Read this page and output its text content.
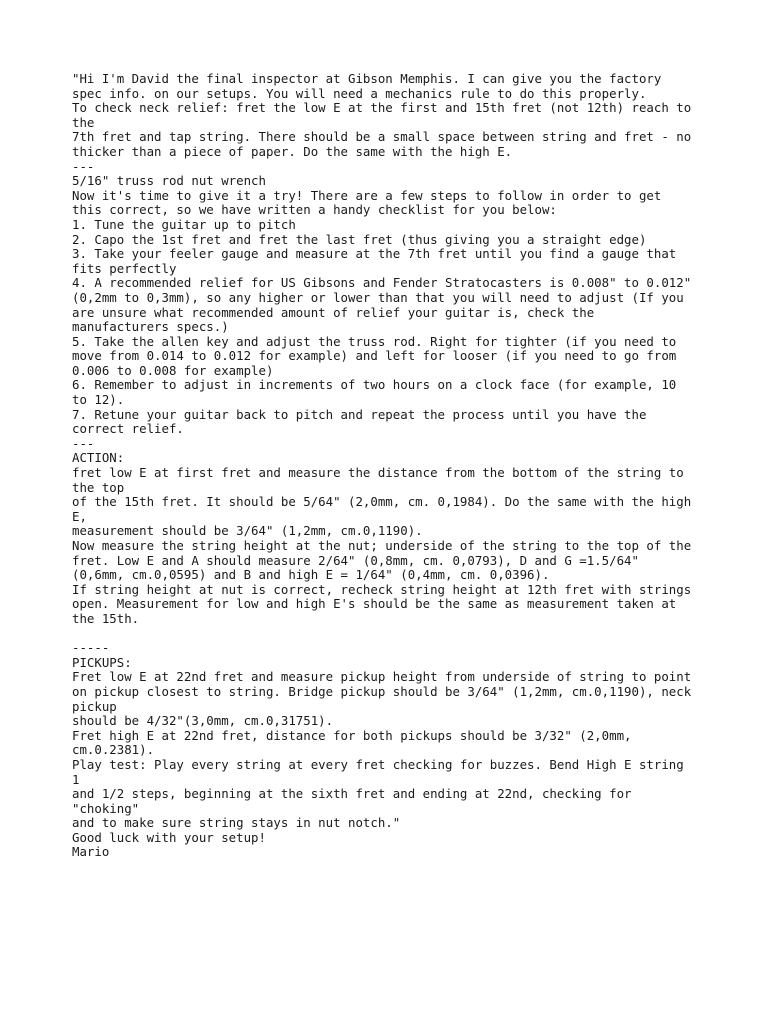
"Hi I'm David the final inspector at Gibson Memphis. I can give you the factory
spec info. on our setups. You will need a mechanics rule to do this properly.
To check neck relief: fret the low E at the first and 15th fret (not 12th) reach to
the
7th fret and tap string. There should be a small space between string and fret - no
thicker than a piece of paper. Do the same with the high E.
---
5/16" truss rod nut wrench
Now it's time to give it a try! There are a few steps to follow in order to get
this correct, so we have written a handy checklist for you below:
1. Tune the guitar up to pitch
2. Capo the 1st fret and fret the last fret (thus giving you a straight edge)
3. Take your feeler gauge and measure at the 7th fret until you find a gauge that
fits perfectly
4. A recommended relief for US Gibsons and Fender Stratocasters is 0.008" to 0.012"
(0,2mm to 0,3mm), so any higher or lower than that you will need to adjust (If you
are unsure what recommended amount of relief your guitar is, check the
manufacturers specs.)
5. Take the allen key and adjust the truss rod. Right for tighter (if you need to
move from 0.014 to 0.012 for example) and left for looser (if you need to go from
0.006 to 0.008 for example)
6. Remember to adjust in increments of two hours on a clock face (for example, 10
to 12).
7. Retune your guitar back to pitch and repeat the process until you have the
correct relief.
---
ACTION:
fret low E at first fret and measure the distance from the bottom of the string to
the top
of the 15th fret. It should be 5/64" (2,0mm, cm. 0,1984). Do the same with the high
E,
measurement should be 3/64" (1,2mm, cm.0,1190).
Now measure the string height at the nut; underside of the string to the top of the
fret. Low E and A should measure 2/64" (0,8mm, cm. 0,0793), D and G =1.5/64"
(0,6mm, cm.0,0595) and B and high E = 1/64" (0,4mm, cm. 0,0396).
If string height at nut is correct, recheck string height at 12th fret with strings
open. Measurement for low and high E's should be the same as measurement taken at
the 15th.
-----
PICKUPS:
Fret low E at 22nd fret and measure pickup height from underside of string to point
on pickup closest to string. Bridge pickup should be 3/64" (1,2mm, cm.0,1190), neck
pickup
should be 4/32"(3,0mm, cm.0,31751).
Fret high E at 22nd fret, distance for both pickups should be 3/32" (2,0mm,
cm.0.2381).
Play test: Play every string at every fret checking for buzzes. Bend High E string
1
and 1/2 steps, beginning at the sixth fret and ending at 22nd, checking for
"choking"
and to make sure string stays in nut notch."
Good luck with your setup!
Mario
